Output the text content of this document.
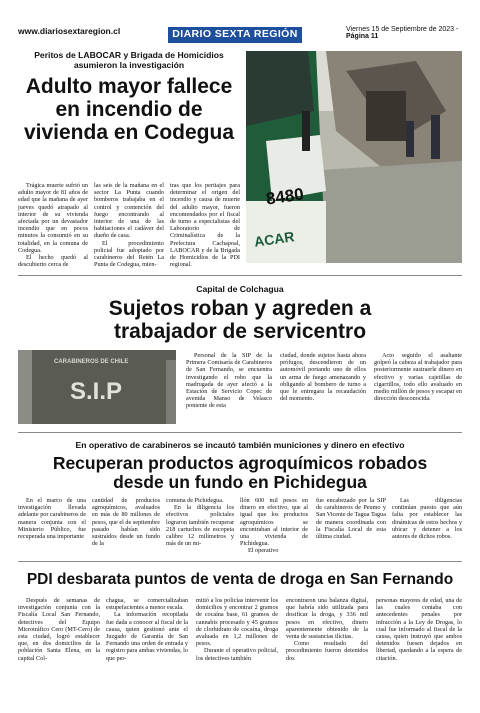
www.diariosextaregion.cl	DIARIO SEXTA REGIÓN	Viernes 15 de Septiembre de 2023 - Página 11
Peritos de LABOCAR y Brigada de Homicidios asumieron la investigación
Adulto mayor fallece en incendio de vivienda en Codegua

Trágica muerte sufrió un adulto mayor de 81 años de edad que la mañana de ayer jueves quedó atrapado al interior de su vivienda afectada por un devastador incendio que en pocos minutos la consumió en su totalidad, en la comuna de Codegua.

El hecho quedó al descubierto cerca de

las seis de la mañana en el sector La Punta cuando bomberos trabajaba en el control y contención del fuego encontrando al interior de una de las habitaciones el cadáver del dueño de casa.

El procedimiento policial fue adoptado por carabineros del Retén La Punta de Codegua, mien-

tras que los peritajes para determinar el origen del incendio y causa de muerte del adulto mayor, fueron encomendados por el fiscal de turno a especialistas del Laboratorio de Criminalística de la Prefectura Cachapoal, LABOCAR y de la Brigada de Homicidios de la PDI regional.

8480
ACAR
Capital de Colchagua
Sujetos roban y agreden a trabajador de servicentro
CARABINEROS DE CHILE
S.I.P

Personal de la SIP de la Primera Comisaría de Carabineros de San Fernando, se encuentra investigando el robo que la madrugada de ayer afectó a la Estación de Servicio Copec de avenida Manso de Velasco poniente de esta

ciudad, donde sujetos hasta ahora prófugos, descendieron de un automóvil portando uno de ellos un arma de fuego amenazando y obligando al bombero de turno a que le entregara la recaudación del momento.

Acto seguido el asaltante golpeó la cabeza al trabajador para posteriormente sustraerle dinero en efectivo y varias cajetillas de cigarrillos, todo ello avaluado en medio millón de pesos y escapar en dirección desconocida.

En operativo de carabineros se incautó también municiones y dinero en efectivo
Recuperan productos agroquímicos robados desde un fundo en Pichidegua

En el marco de una investigación llevada adelante por carabineros de manera conjunta con el Ministerio Público, fue recuperada una importante

cantidad de productos agroquímicos, avaluados en más de 80 millones de pesos, que el de septiembre pasado habían sido sustraídos desde un fundo de la

comuna de Pichidegua.

En la diligencia los efectivos policiales lograron también recuperar 218 cartuchos de escopeta calibre 12 milímetros y más de un mi-

llón 600 mil pesos en dinero en efectivo, que al igual que los productos agroquímicos se encontraban al interior de una vivienda de Pichidegua.

El operativo

fue encabezado por la SIP de carabineros de Peumo y San Vicente de Tagua Tagua de manera coordinada con la Fiscalía Local de esta última ciudad.

Las diligencias continúan puesto que aún falta por establecer las dinámicas de estos hechos y ubicar y detener a los autores de dichos robos.

PDI desbarata puntos de venta de droga en San Fernando

Después de semanas de investigación conjunta con la Fiscalía Local San Fernando, detectives del Equipo Microtráfico Cero (MT-Cero) de esta ciudad, logró establecer que, en dos domicilios de la población Santa Elena, en la capital Col-

chagua, se comercializaban estupefacientes a menor escala.

La información recopilada fue dada a conocer al fiscal de la causa, quien gestionó ante el Juzgado de Garantía de San Fernando una orden de entrada y registro para ambas viviendas, lo que per-

mitió a los policías intervenir los domicilios y encontrar 2 gramos de cocaína base, 61 gramos de cannabis procesado y 45 gramos de clorhidrato de cocaína, droga avaluada en 1,2 millones de pesos.

Durante el operativo policial, los detectives también

encontraron una balanza digital, que habría sido utilizada para dosificar la droga, y 336 mil pesos en efectivo, dinero aparentemente obtenido de la venta de sustancias ilícitas.

Como resultado del procedimiento fueron detenidos dos

personas mayores de edad, una de las cuales contaba con antecedentes penales por infracción a la Ley de Drogas, lo cual fue informado al fiscal de la causa, quien instruyó que ambos detenidos fuesen dejados en libertad, quedando a la espera de citación.
